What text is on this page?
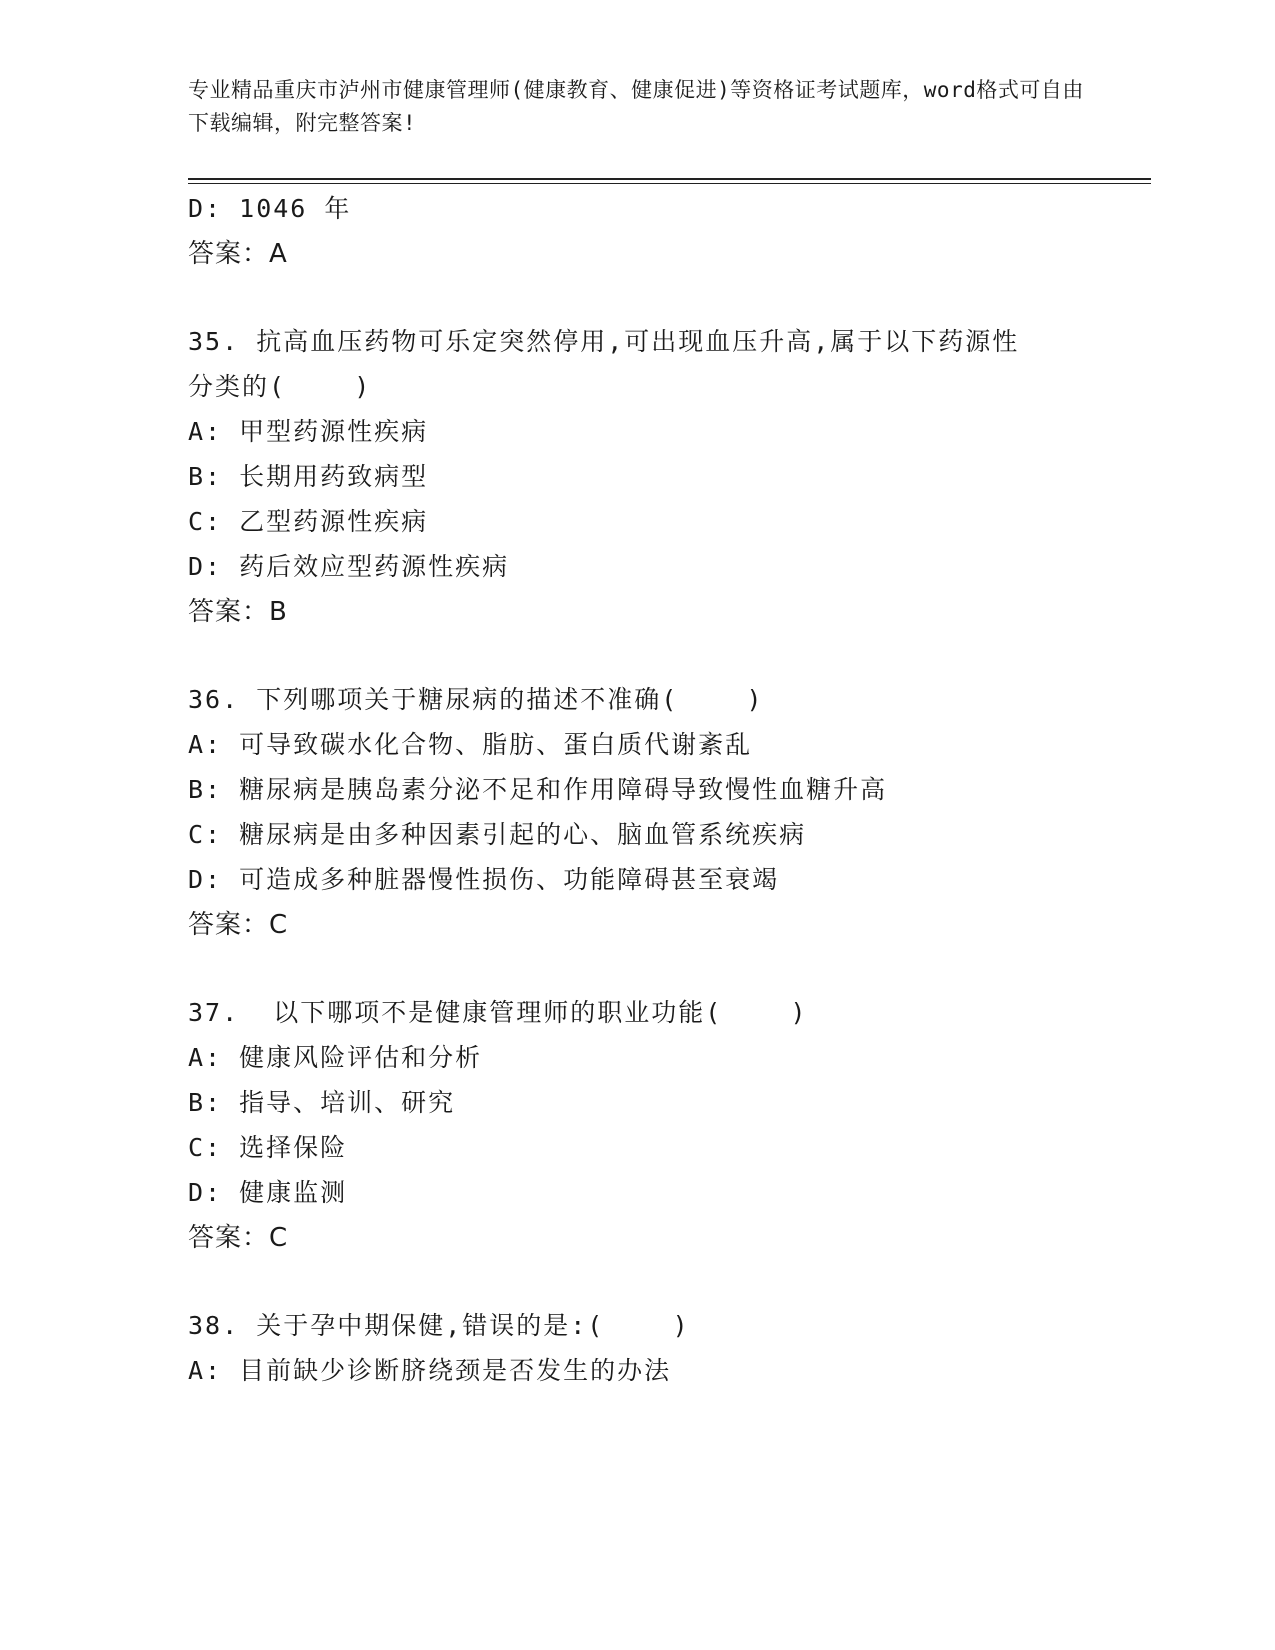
专业精品重庆市泸州市健康管理师(健康教育、健康促进)等资格证考试题库，word格式可自由下载编辑，附完整答案!
D: 1046 年
答案：A
35. 抗高血压药物可乐定突然停用,可出现血压升高,属于以下药源性
分类的(    )
A: 甲型药源性疾病
B: 长期用药致病型
C: 乙型药源性疾病
D: 药后效应型药源性疾病
答案：B
36. 下列哪项关于糖尿病的描述不准确(    )
A: 可导致碳水化合物、脂肪、蛋白质代谢紊乱
B: 糖尿病是胰岛素分泌不足和作用障碍导致慢性血糖升高
C: 糖尿病是由多种因素引起的心、脑血管系统疾病
D: 可造成多种脏器慢性损伤、功能障碍甚至衰竭
答案：C
37.  以下哪项不是健康管理师的职业功能(    )
A: 健康风险评估和分析
B: 指导、培训、研究
C: 选择保险
D: 健康监测
答案：C
38. 关于孕中期保健,错误的是:(    )
A: 目前缺少诊断脐绕颈是否发生的办法
